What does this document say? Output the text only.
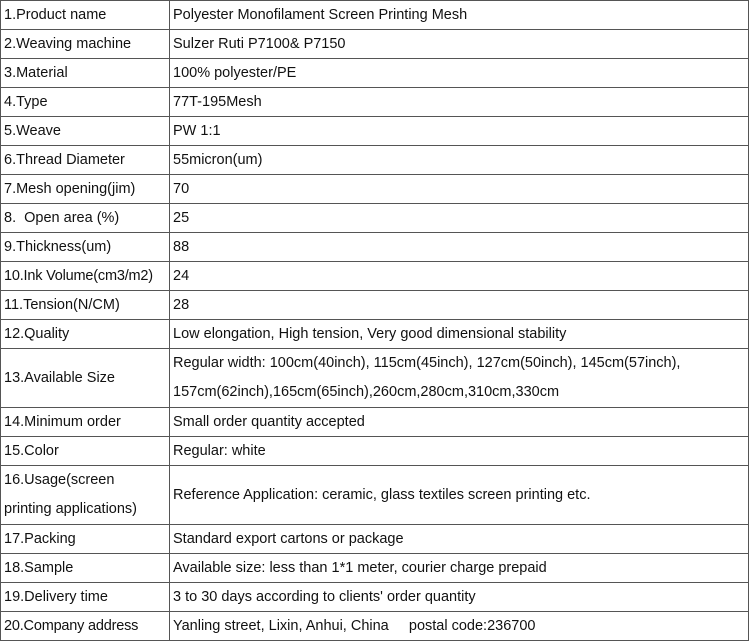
1.Product name	Polyester Monofilament Screen Printing Mesh
2.Weaving machine	Sulzer Ruti P7100& P7150
3.Material	100% polyester/PE
4.Type	77T-195Mesh
5.Weave	PW 1:1
6.Thread Diameter	55micron(um)
7.Mesh opening(jim)	70
8.  Open area (%)	25
9.Thickness(um)	88
10.Ink Volume(cm3/m2)	24
11.Tension(N/CM)	28
12.Quality	Low elongation, High tension, Very good dimensional stability
13.Available Size	Regular width: 100cm(40inch), 115cm(45inch), 127cm(50inch), 145cm(57inch),
157cm(62inch),165cm(65inch),260cm,280cm,310cm,330cm

14.Minimum order	Small order quantity accepted
15.Color	Regular: white

16.Usage(screen
printing applications)	Reference Application: ceramic, glass textiles screen printing etc.
17.Packing	Standard export cartons or package
18.Sample	Available size: less than 1*1 meter, courier charge prepaid
19.Delivery time	3 to 30 days according to clients' order quantity
20.Company address	Yanling street, Lixin, Anhui, China     postal code:236700
